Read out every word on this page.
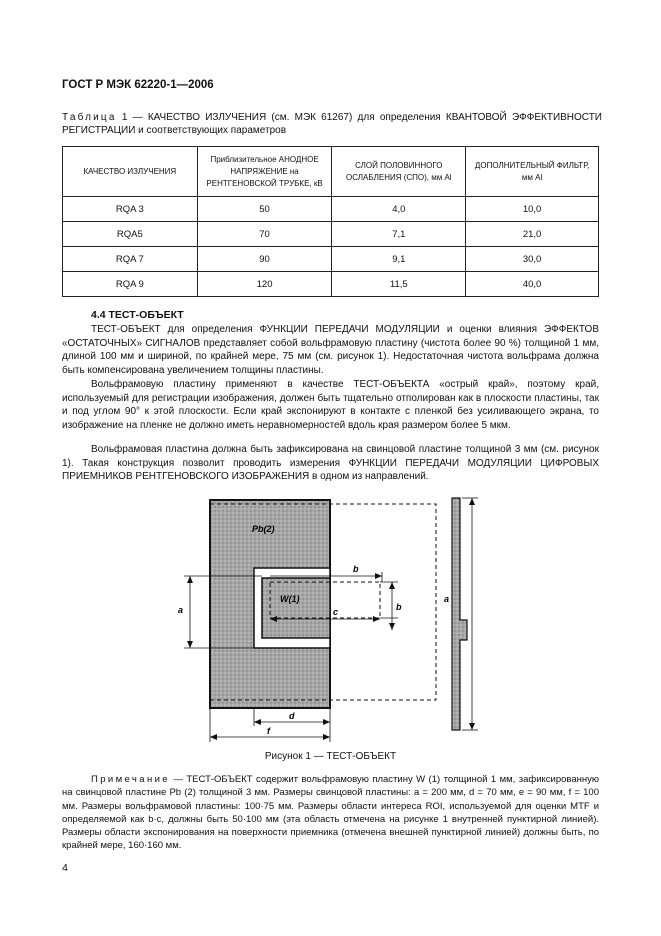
ГОСТ Р МЭК 62220-1—2006
Таблица 1 — КАЧЕСТВО ИЗЛУЧЕНИЯ (см. МЭК 61267) для определения КВАНТОВОЙ ЭФФЕКТИВНОСТИ РЕГИСТРАЦИИ и соответствующих параметров
КАЧЕСТВО ИЗЛУЧЕНИЯ	Приблизительное АНОДНОЕ НАПРЯЖЕНИЕ на РЕНТГЕНОВСКОЙ ТРУБКЕ, кВ	СЛОЙ ПОЛОВИННОГО ОСЛАБЛЕНИЯ (СПО), мм Al	ДОПОЛНИТЕЛЬНЫЙ ФИЛЬТР, мм Al
RQA 3	50	4,0	10,0
RQA5	70	7,1	21,0
RQA 7	90	9,1	30,0
RQA 9	120	11,5	40,0
4.4 ТЕСТ-ОБЪЕКТ

ТЕСТ-ОБЪЕКТ для определения ФУНКЦИИ ПЕРЕДАЧИ МОДУЛЯЦИИ и оценки влияния ЭФФЕКТОВ «ОСТАТОЧНЫХ» СИГНАЛОВ представляет собой вольфрамовую пластину (чистота более 90 %) толщиной 1 мм, длиной 100 мм и шириной, по крайней мере, 75 мм (см. рисунок 1). Недостаточная чистота вольфрама должна быть компенсирована увеличением толщины пластины.

Вольфрамовую пластину применяют в качестве ТЕСТ-ОБЪЕКТА «острый край», поэтому край, используемый для регистрации изображения, должен быть тщательно отполирован как в плоскости пластины, так и под углом 90° к этой плоскости. Если край экспонируют в контакте с пленкой без усиливающего экрана, то изображение на пленке не должно иметь неравномерностей вдоль края размером более 5 мкм.

Вольфрамовая пластина должна быть зафиксирована на свинцовой пластине толщиной 3 мм (см. рисунок 1). Такая конструкция позволит проводить измерения ФУНКЦИИ ПЕРЕДАЧИ МОДУЛЯЦИИ ЦИФРОВЫХ ПРИЕМНИКОВ РЕНТГЕНОВСКОГО ИЗОБРАЖЕНИЯ в одном из направлений.

Pb(2)
W(1)
a
b
c	b
a
d
f
Рисунок 1 — ТЕСТ-ОБЪЕКТ

Примечание — ТЕСТ-ОБЪЕКТ содержит вольфрамовую пластину W (1) толщиной 1 мм, зафиксированную на свинцовой пластине Pb (2) толщиной 3 мм. Размеры свинцовой пластины: a = 200 мм, d = 70 мм, e = 90 мм, f = 100 мм. Размеры вольфрамовой пластины: 100·75 мм. Размеры области интереса ROI, используемой для оценки MTF и определяемой как b·c, должны быть 50·100 мм (эта область отмечена на рисунке 1 внутренней пунктирной линией). Размеры области экспонирования на поверхности приемника (отмечена внешней пунктирной линией) должны быть, по крайней мере, 160·160 мм.

4
